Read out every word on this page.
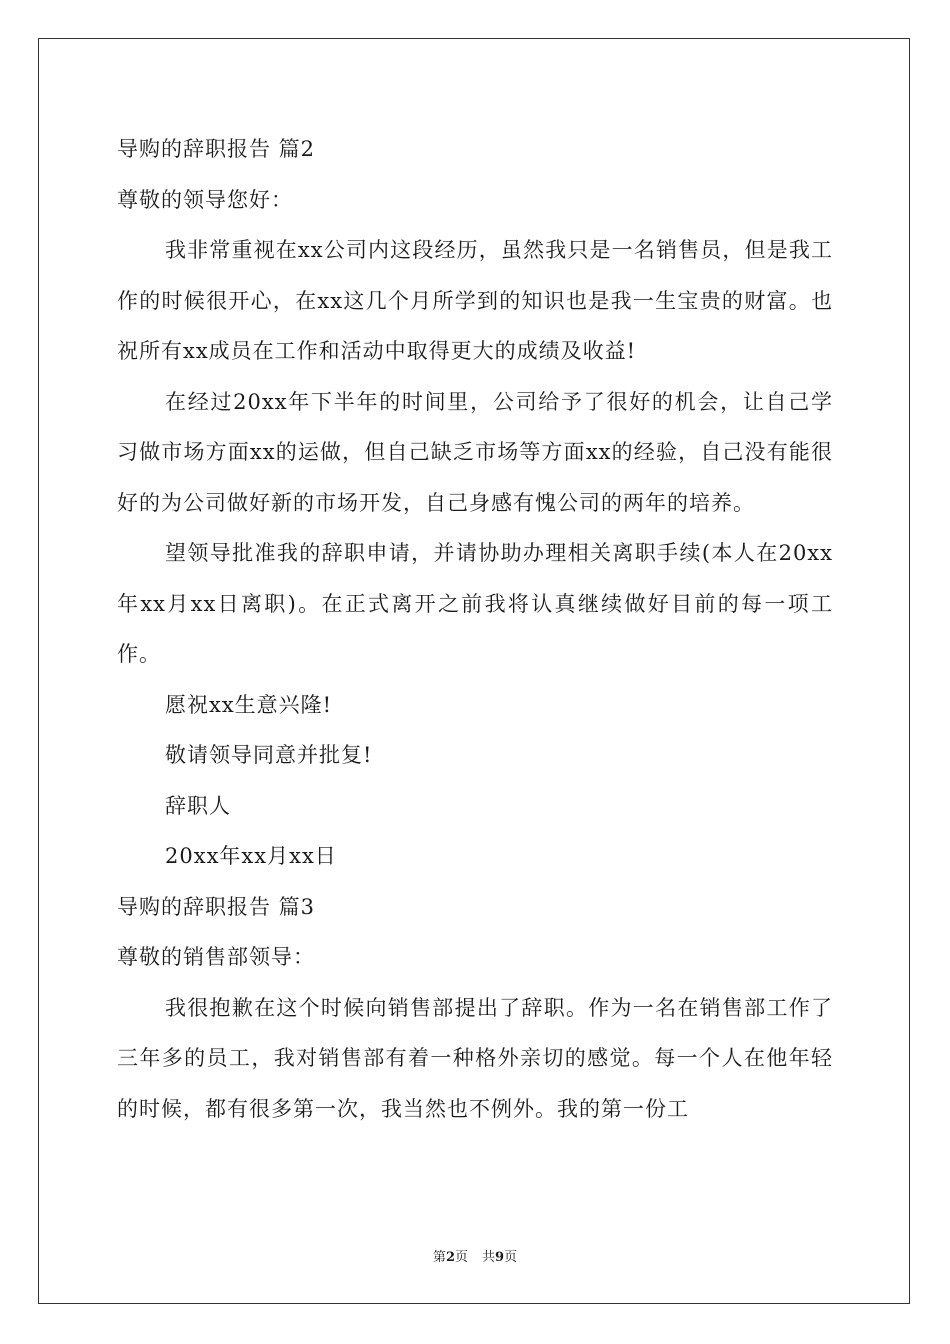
导购的辞职报告 篇2
尊敬的领导您好：

我非常重视在xx公司内这段经历，虽然我只是一名销售员，但是我工作的时候很开心，在xx这几个月所学到的知识也是我一生宝贵的财富。也祝所有xx成员在工作和活动中取得更大的成绩及收益!

在经过20xx年下半年的时间里，公司给予了很好的机会，让自己学习做市场方面xx的运做，但自己缺乏市场等方面xx的经验，自己没有能很好的为公司做好新的市场开发，自己身感有愧公司的两年的培养。

望领导批准我的辞职申请，并请协助办理相关离职手续(本人在20xx年xx月xx日离职)。在正式离开之前我将认真继续做好目前的每一项工作。

愿祝xx生意兴隆!
敬请领导同意并批复!
辞职人
20xx年xx月xx日
导购的辞职报告 篇3
尊敬的销售部领导：

我很抱歉在这个时候向销售部提出了辞职。作为一名在销售部工作了三年多的员工，我对销售部有着一种格外亲切的感觉。每一个人在他年轻的时候，都有很多第一次，我当然也不例外。我的第一份工

第2页 共9页
